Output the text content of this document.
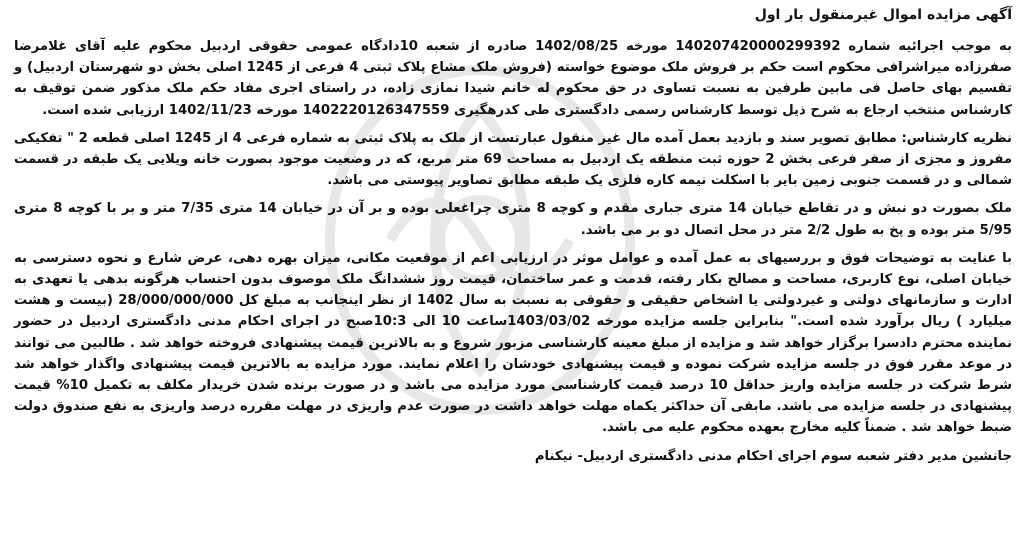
آگهی مزایده اموال غیرمنقول بار اول

به موجب اجرائیه شماره 140207420000299392 مورخه 1402/08/25 صادره از شعبه 10دادگاه عمومی حقوقی اردبیل محکوم علیه آقای غلامرضا صفرزاده میراشرافی محکوم است حکم بر فروش ملک موضوع خواسته (فروش ملک مشاع پلاک ثبتی 4 فرعی از 1245 اصلی بخش دو شهرستان اردبیل) و تقسیم بهای حاصل فی مابین طرفین به نسبت تساوی در حق محکوم له خانم شیدا نمازی زاده، در راستای اجری مفاد حکم ملک مذکور ضمن توقیف به کارشناس منتخب ارجاع به شرح ذیل توسط کارشناس رسمی دادگستری طی کدرهگیری 1402220126347559 مورخه 1402/11/23 ارزیابی شده است.

نظریه کارشناس: مطابق تصویر سند و بازدید بعمل آمده مال غیر منقول عبارتست از ملک به پلاک ثبتی به شماره فرعی 4 از 1245 اصلی قطعه 2 " تفکیکی مفروز و مجزی از صفر فرعی بخش 2 حوزه ثبت منطقه یک اردبیل به مساحت 69 متر مربع، که در وضعیت موجود بصورت خانه ویلایی یک طبقه در قسمت شمالی و در قسمت جنوبی زمین بایر با اسکلت نیمه کاره فلزی یک طبقه مطابق تصاویر پیوستی می باشد.

ملک بصورت دو نبش و در تقاطع خیابان 14 متری جباری مقدم و کوچه 8 متری چراغعلی بوده و بر آن در خیابان 14 متری 7/35 متر و بر با کوچه 8 متری 5/95 متر بوده و پخ به طول 2/2 متر در محل اتصال دو بر می باشد.

با عنایت به توضیحات فوق و بررسیهای به عمل آمده و عوامل موثر در ارزیابی اعم از موقعیت مکانی، میزان بهره دهی، عرض شارع و نحوه دسترسی به خیابان اصلی، نوع کاربری، مساحت و مصالح بکار رفته، قدمت و عمر ساختمان، قیمت روز ششدانگ ملک موصوف بدون احتساب هرگونه بدهی یا تعهدی به ادارت و سازمانهای دولتی و غیردولتی یا اشخاص حقیقی و حقوقی به نسبت به سال 1402 از نظر اینجانب به مبلغ کل 28/000/000/000 (بیست و هشت میلیارد ) ریال برآورد شده است." بنابراین جلسه مزایده مورخه 1403/03/02ساعت 10 الی 10:3صبح در اجرای احکام مدنی دادگستری اردبیل در حضور نماینده محترم دادسرا برگزار خواهد شد و مزایده از مبلغ معینه کارشناسی مزبور شروع و به بالاترین قیمت پیشنهادی فروخته خواهد شد . طالبین می توانند در موعد مقرر فوق در جلسه مزایده شرکت نموده و قیمت پیشنهادی خودشان را اعلام نمایند. مورد مزایده به بالاترین قیمت پیشنهادی واگذار خواهد شد شرط شرکت در جلسه مزایده واریز حداقل 10 درصد قیمت کارشناسی مورد مزایده می باشد و در صورت برنده شدن خریدار مکلف به تکمیل 10% قیمت پیشنهادی در جلسه مزایده می باشد. مابقی آن حداکثر یکماه مهلت خواهد داشت در صورت عدم واریزی در مهلت مقرره درصد واریزی به نفع صندوق دولت ضبط خواهد شد . ضمناً کلیه مخارج بعهده محکوم علیه می باشد.

جانشین مدیر دفتر شعبه سوم اجرای احکام مدنی دادگستری اردبیل- نیکنام
